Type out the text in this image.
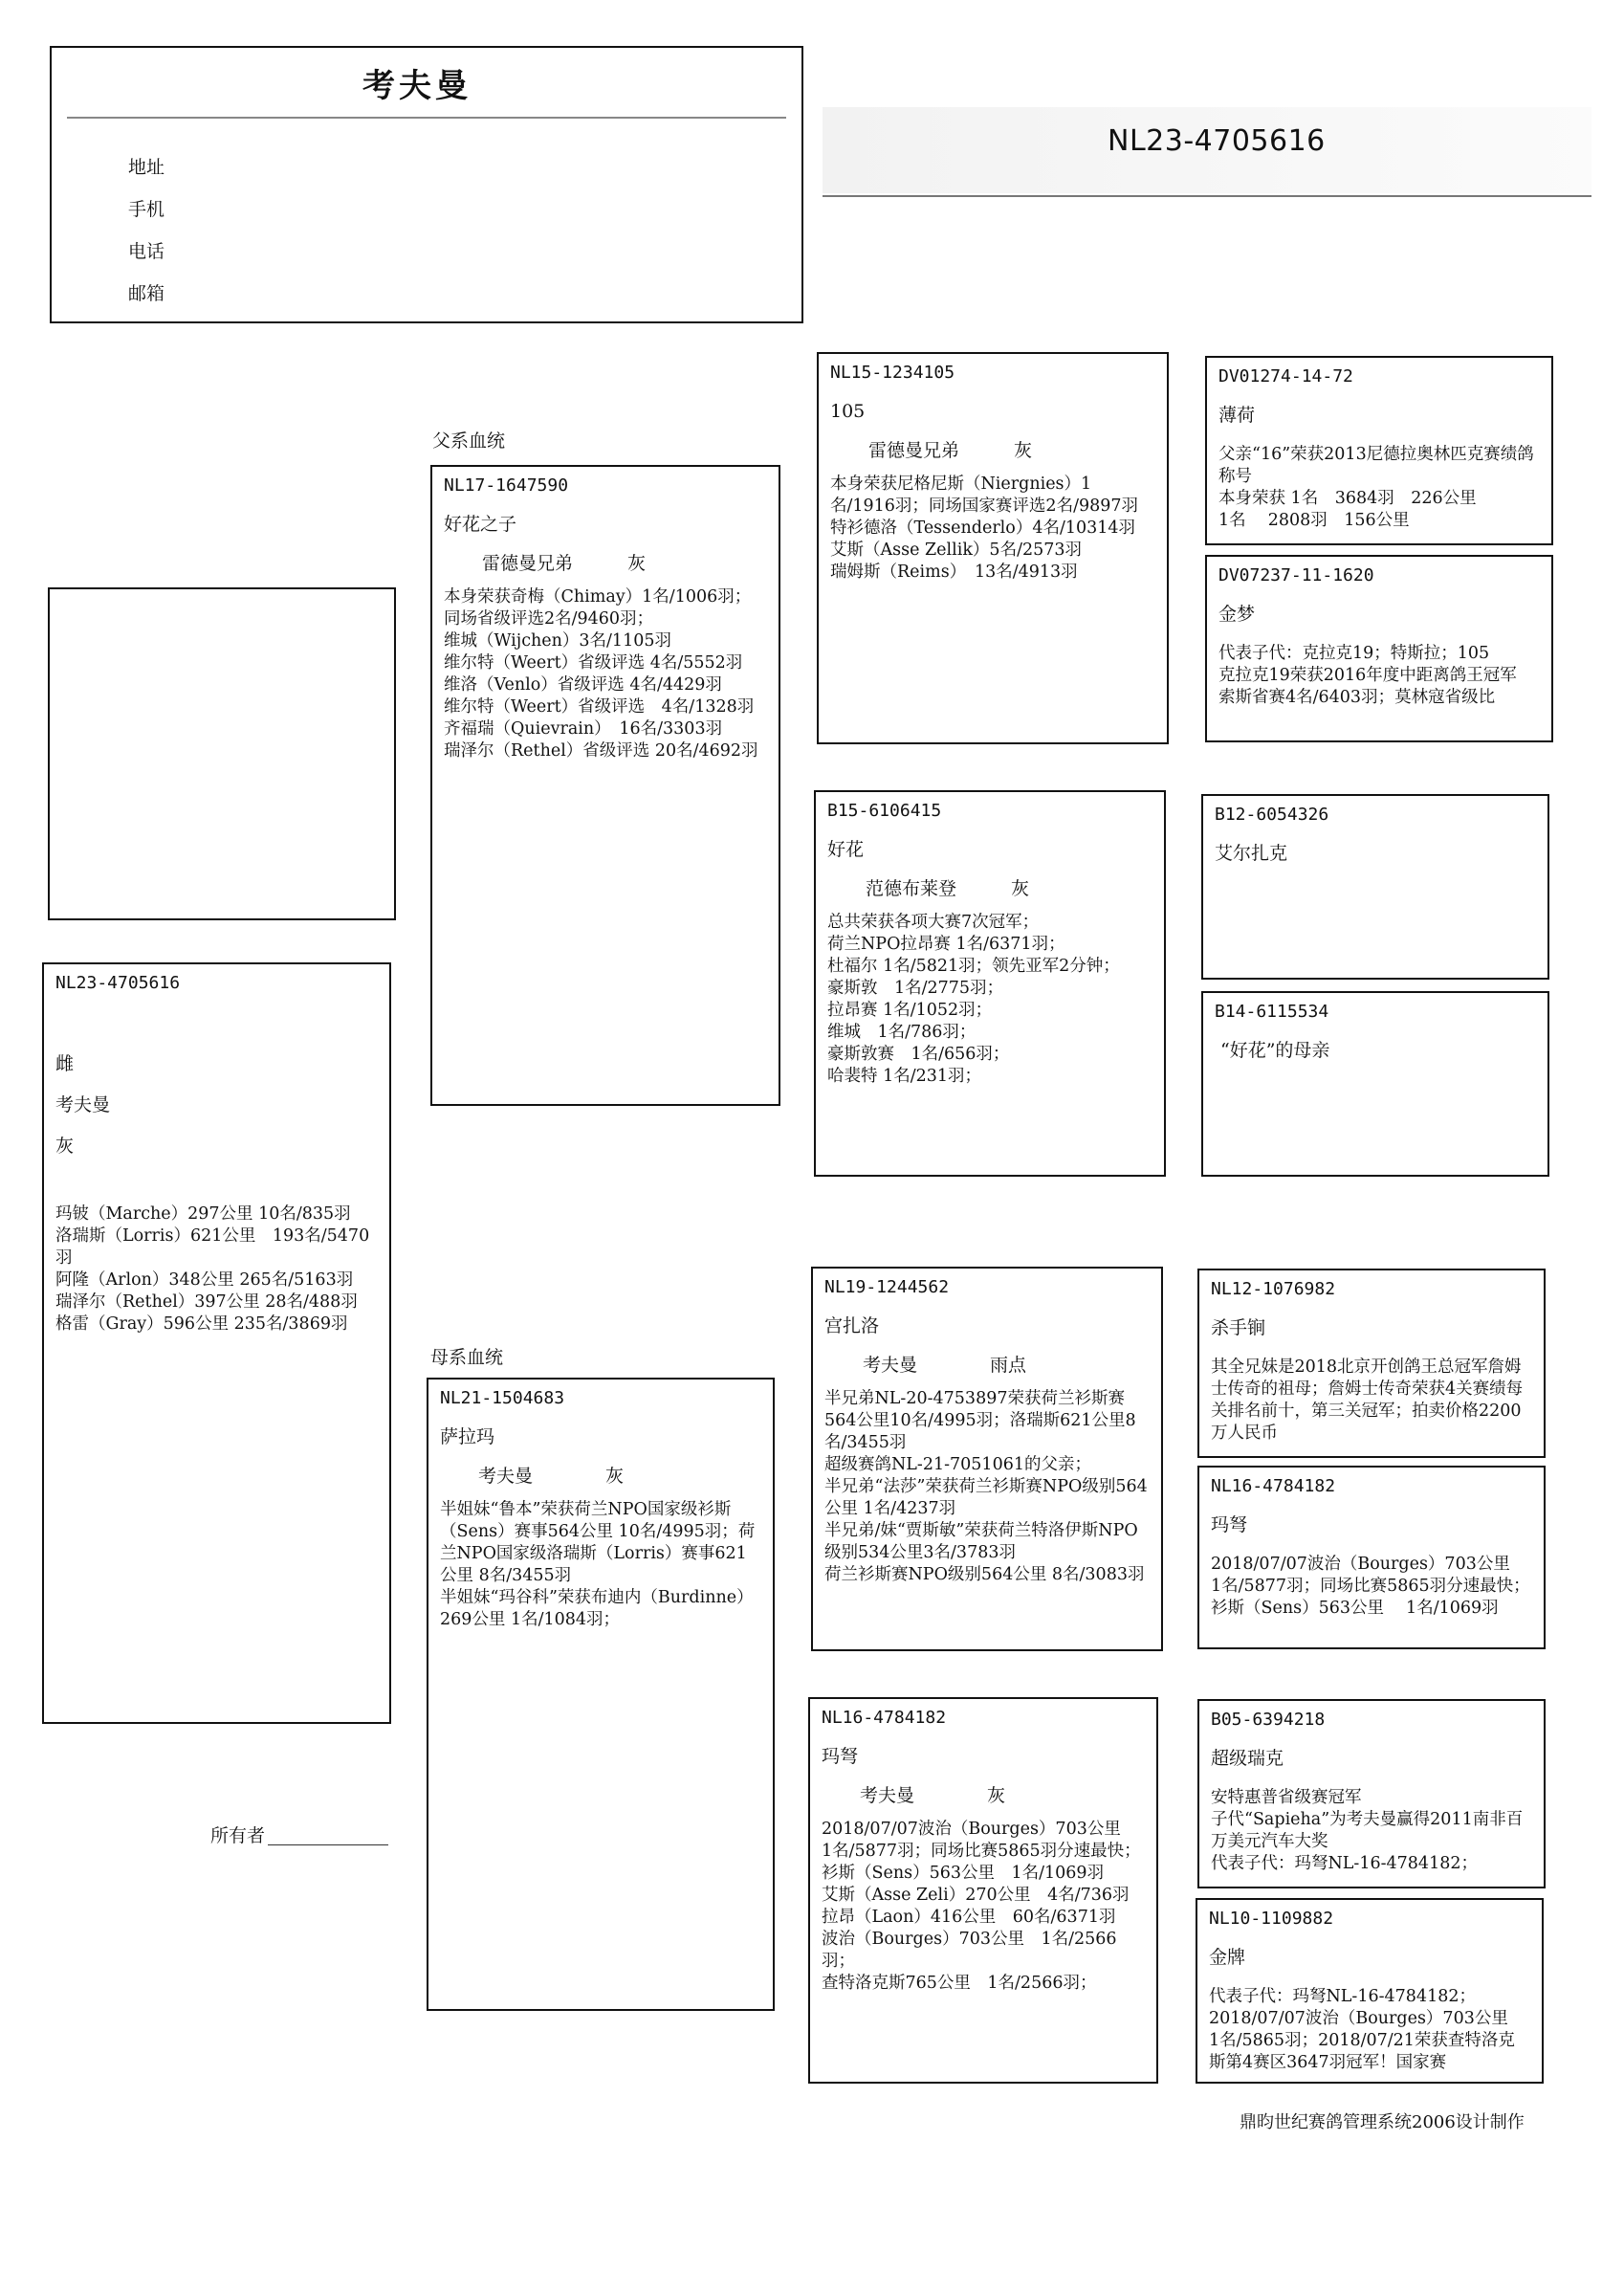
考夫曼
地址
手机
电话
邮箱
NL23-4705616
NL23-4705616
雌
考夫曼
灰
玛铍（Marche）297公里 10名/835羽
洛瑞斯（Lorris）621公里　193名/5470羽
阿隆（Arlon）348公里 265名/5163羽
瑞泽尔（Rethel）397公里 28名/488羽
格雷（Gray）596公里 235名/3869羽
所有者
父系血统
母系血统
NL17-1647590
好花之子
雷德曼兄弟　　　灰
本身荣获奇梅（Chimay）1名/1006羽；同场省级评选2名/9460羽；
维城（Wijchen）3名/1105羽
维尔特（Weert）省级评选 4名/5552羽
维洛（Venlo）省级评选 4名/4429羽
维尔特（Weert）省级评选　4名/1328羽
齐福瑞（Quievrain）　16名/3303羽
瑞泽尔（Rethel）省级评选 20名/4692羽
NL21-1504683
萨拉玛
考夫曼　　　　灰
半姐妹“鲁本”荣获荷兰NPO国家级衫斯（Sens）赛事564公里 10名/4995羽；荷兰NPO国家级洛瑞斯（Lorris）赛事621公里 8名/3455羽
半姐妹“玛谷科”荣获布迪内（Burdinne）269公里 1名/1084羽；
NL15-1234105
105
雷德曼兄弟　　　灰
本身荣获尼格尼斯（Niergnies）1名/1916羽；同场国家赛评选2名/9897羽
特衫德洛（Tessenderlo）4名/10314羽
艾斯（Asse Zellik）5名/2573羽
瑞姆斯（Reims）　13名/4913羽
B15-6106415
好花
范德布莱登　　　灰
总共荣获各项大赛7次冠军；
荷兰NPO拉昂赛 1名/6371羽；
杜福尔 1名/5821羽；领先亚军2分钟；
豪斯敦　1名/2775羽；
拉昂赛 1名/1052羽；
维城　1名/786羽；
豪斯敦赛　1名/656羽；
哈裴特 1名/231羽；
NL19-1244562
宫扎洛
考夫曼　　　　雨点
半兄弟NL-20-4753897荣获荷兰衫斯赛564公里10名/4995羽；洛瑞斯621公里8名/3455羽
超级赛鸽NL-21-7051061的父亲；
半兄弟“法莎”荣获荷兰衫斯赛NPO级别564公里 1名/4237羽
半兄弟/妹“贾斯敏”荣获荷兰特洛伊斯NPO级别534公里3名/3783羽
荷兰衫斯赛NPO级别564公里 8名/3083羽
NL16-4784182
玛弩
考夫曼　　　　灰
2018/07/07波治（Bourges）703公里　1名/5877羽；同场比赛5865羽分速最快；
衫斯（Sens）563公里　1名/1069羽
艾斯（Asse Zeli）270公里　4名/736羽
拉昂（Laon）416公里　60名/6371羽
波治（Bourges）703公里　1名/2566羽；
查特洛克斯765公里　1名/2566羽；
DV01274-14-72
薄荷
父亲“16”荣获2013尼德拉奥林匹克赛绩鸽称号
本身荣获 1名　3684羽　226公里
1名　 2808羽　156公里
DV07237-11-1620
金梦
代表子代：克拉克19；特斯拉；105
克拉克19荣获2016年度中距离鸽王冠军
索斯省赛4名/6403羽；莫林寇省级比
B12-6054326
艾尔扎克
B14-6115534
“好花”的母亲
NL12-1076982
杀手锏
其全兄妹是2018北京开创鸽王总冠军詹姆士传奇的祖母；詹姆士传奇荣获4关赛绩每关排名前十，第三关冠军；拍卖价格2200万人民币
NL16-4784182
玛弩
2018/07/07波治（Bourges）703公里　1名/5877羽；同场比赛5865羽分速最快；
衫斯（Sens）563公里　 1名/1069羽
B05-6394218
超级瑞克
安特惠普省级赛冠军
子代“Sapieha”为考夫曼赢得2011南非百万美元汽车大奖
代表子代：玛弩NL-16-4784182；
NL10-1109882
金牌
代表子代：玛弩NL-16-4784182；
2018/07/07波治（Bourges）703公里　1名/5865羽；2018/07/21荣获查特洛克斯第4赛区3647羽冠军！国家赛
鼎昀世纪赛鸽管理系统2006设计制作
